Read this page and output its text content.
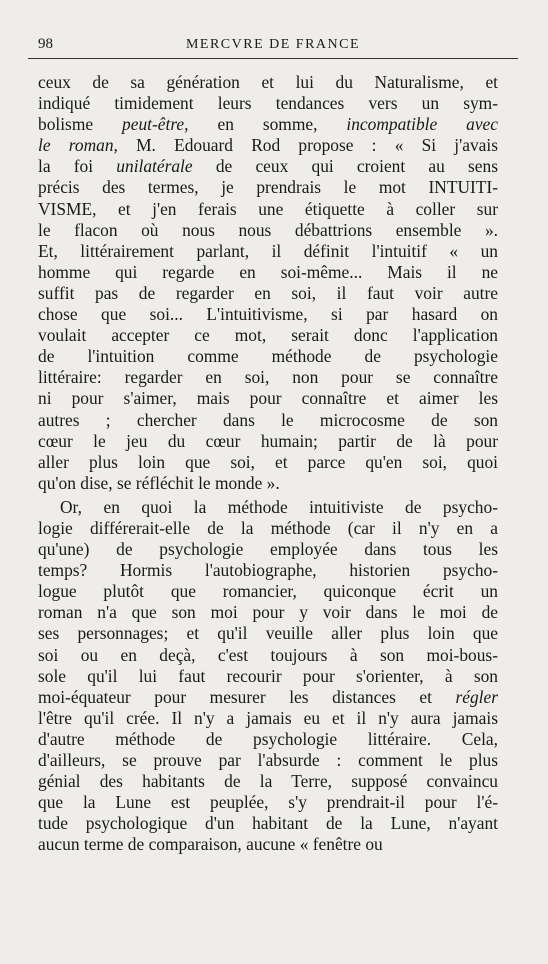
98	MERCVRE DE FRANCE
ceux de sa génération et lui du Naturalisme, et
indiqué timidement leurs tendances vers un sym-
bolisme peut-être, en somme, incompatible avec
le roman, M. Edouard Rod propose : « Si j'avais
la foi unilatérale de ceux qui croient au sens
précis des termes, je prendrais le mot INTUITI-
VISME, et j'en ferais une étiquette à coller sur
le flacon où nous nous débattrions ensemble ».
Et, littérairement parlant, il définit l'intuitif « un
homme qui regarde en soi-même... Mais il ne
suffit pas de regarder en soi, il faut voir autre
chose que soi... L'intuitivisme, si par hasard on
voulait accepter ce mot, serait donc l'application
de l'intuition comme méthode de psychologie
littéraire: regarder en soi, non pour se connaître
ni pour s'aimer, mais pour connaître et aimer les
autres ; chercher dans le microcosme de son
cœur le jeu du cœur humain; partir de là pour
aller plus loin que soi, et parce qu'en soi, quoi
qu'on dise, se réfléchit le monde ».
Or, en quoi la méthode intuitiviste de psycho-
logie différerait-elle de la méthode (car il n'y en a
qu'une) de psychologie employée dans tous les
temps? Hormis l'autobiographe, historien psycho-
logue plutôt que romancier, quiconque écrit un
roman n'a que son moi pour y voir dans le moi de
ses personnages; et qu'il veuille aller plus loin que
soi ou en deçà, c'est toujours à son moi-bous-
sole qu'il lui faut recourir pour s'orienter, à son
moi-équateur pour mesurer les distances et régler
l'être qu'il crée. Il n'y a jamais eu et il n'y aura jamais
d'autre méthode de psychologie littéraire. Cela,
d'ailleurs, se prouve par l'absurde : comment le plus
génial des habitants de la Terre, supposé convaincu
que la Lune est peuplée, s'y prendrait-il pour l'é-
tude psychologique d'un habitant de la Lune, n'ayant
aucun terme de comparaison, aucune « fenêtre ou
